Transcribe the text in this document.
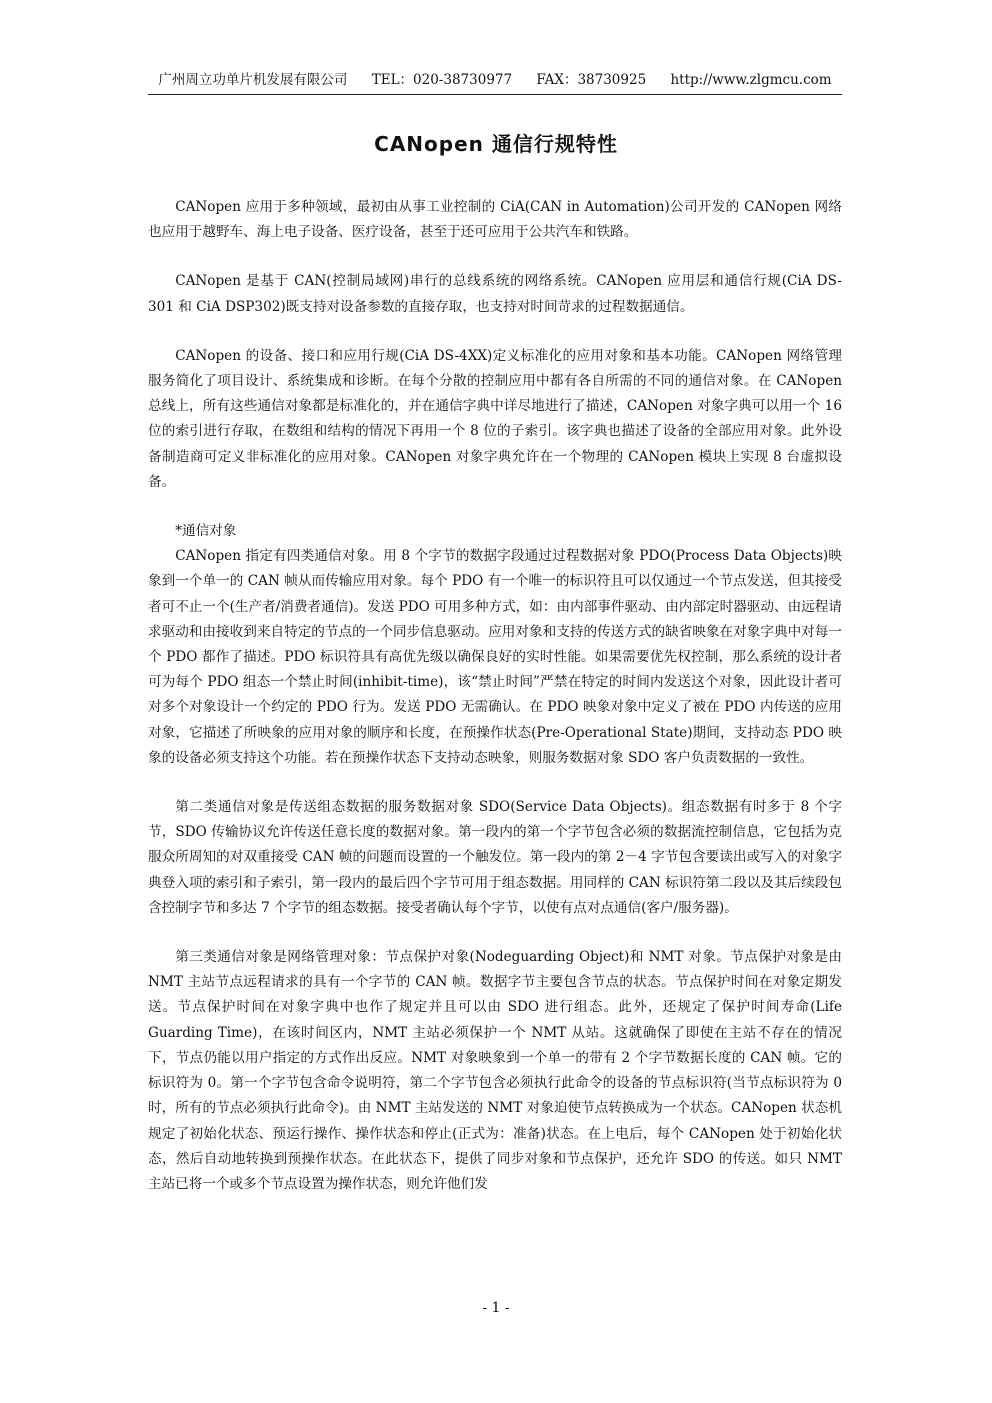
广州周立功单片机发展有限公司 TEL：020-38730977 FAX：38730925 http://www.zlgmcu.com
CANopen 通信行规特性

CANopen 应用于多种领域，最初由从事工业控制的 CiA(CAN in Automation)公司开发的 CANopen 网络也应用于越野车、海上电子设备、医疗设备，甚至于还可应用于公共汽车和铁路。

CANopen 是基于 CAN(控制局域网)串行的总线系统的网络系统。CANopen 应用层和通信行规(CiA DS-301 和 CiA DSP302)既支持对设备参数的直接存取，也支持对时间苛求的过程数据通信。

CANopen 的设备、接口和应用行规(CiA DS-4XX)定义标准化的应用对象和基本功能。CANopen 网络管理服务简化了项目设计、系统集成和诊断。在每个分散的控制应用中都有各自所需的不同的通信对象。在 CANopen 总线上，所有这些通信对象都是标准化的，并在通信字典中详尽地进行了描述，CANopen 对象字典可以用一个 16 位的索引进行存取，在数组和结构的情况下再用一个 8 位的子索引。该字典也描述了设备的全部应用对象。此外设备制造商可定义非标准化的应用对象。CANopen 对象字典允许在一个物理的 CANopen 模块上实现 8 台虚拟设备。

*通信对象

CANopen 指定有四类通信对象。用 8 个字节的数据字段通过过程数据对象 PDO(Process Data Objects)映象到一个单一的 CAN 帧从而传输应用对象。每个 PDO 有一个唯一的标识符且可以仅通过一个节点发送，但其接受者可不止一个(生产者/消费者通信)。发送 PDO 可用多种方式，如：由内部事件驱动、由内部定时器驱动、由远程请求驱动和由接收到来自特定的节点的一个同步信息驱动。应用对象和支持的传送方式的缺省映象在对象字典中对每一个 PDO 都作了描述。PDO 标识符具有高优先级以确保良好的实时性能。如果需要优先权控制，那么系统的设计者可为每个 PDO 组态一个禁止时间(inhibit-time)，该“禁止时间”严禁在特定的时间内发送这个对象，因此设计者可对多个对象设计一个约定的 PDO 行为。发送 PDO 无需确认。在 PDO 映象对象中定义了被在 PDO 内传送的应用对象，它描述了所映象的应用对象的顺序和长度，在预操作状态(Pre-Operational State)期间，支持动态 PDO 映象的设备必须支持这个功能。若在预操作状态下支持动态映象，则服务数据对象 SDO 客户负责数据的一致性。

第二类通信对象是传送组态数据的服务数据对象 SDO(Service Data Objects)。组态数据有时多于 8 个字节，SDO 传输协议允许传送任意长度的数据对象。第一段内的第一个字节包含必须的数据流控制信息，它包括为克服众所周知的对双重接受 CAN 帧的问题而设置的一个触发位。第一段内的第 2－4 字节包含要读出或写入的对象字典登入项的索引和子索引，第一段内的最后四个字节可用于组态数据。用同样的 CAN 标识符第二段以及其后续段包含控制字节和多达 7 个字节的组态数据。接受者确认每个字节，以使有点对点通信(客户/服务器)。

第三类通信对象是网络管理对象：节点保护对象(Nodeguarding Object)和 NMT 对象。节点保护对象是由 NMT 主站节点远程请求的具有一个字节的 CAN 帧。数据字节主要包含节点的状态。节点保护时间在对象定期发送。节点保护时间在对象字典中也作了规定并且可以由 SDO 进行组态。此外，还规定了保护时间寿命(Life Guarding Time)，在该时间区内，NMT 主站必须保护一个 NMT 从站。这就确保了即使在主站不存在的情况下，节点仍能以用户指定的方式作出反应。NMT 对象映象到一个单一的带有 2 个字节数据长度的 CAN 帧。它的标识符为 0。第一个字节包含命令说明符，第二个字节包含必须执行此命令的设备的节点标识符(当节点标识符为 0 时，所有的节点必须执行此命令)。由 NMT 主站发送的 NMT 对象迫使节点转换成为一个状态。CANopen 状态机规定了初始化状态、预运行操作、操作状态和停止(正式为：准备)状态。在上电后，每个 CANopen 处于初始化状态，然后自动地转换到预操作状态。在此状态下，提供了同步对象和节点保护，还允许 SDO 的传送。如只 NMT 主站已将一个或多个节点设置为操作状态，则允许他们发

- 1 -
